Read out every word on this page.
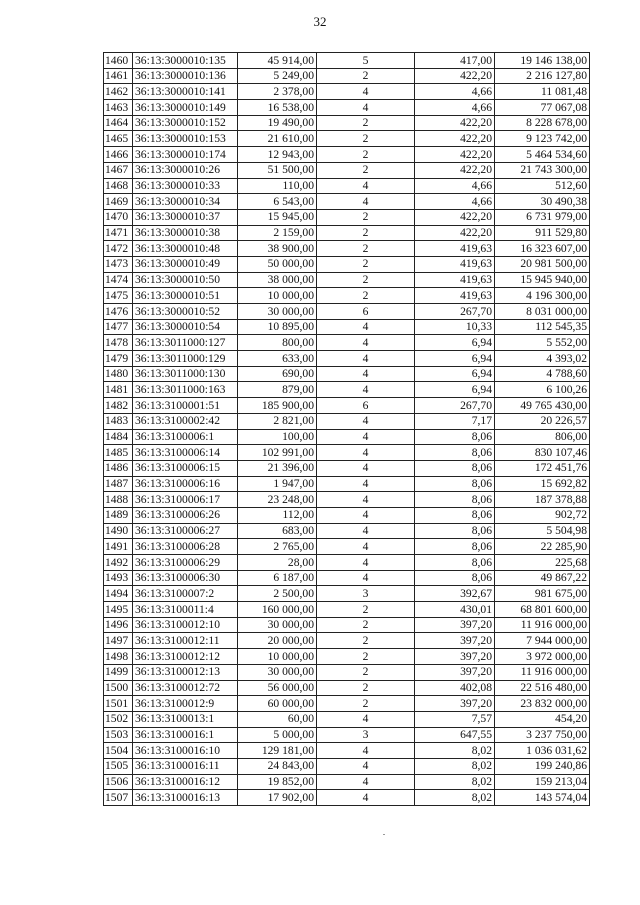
32
1460	36:13:3000010:135	45 914,00	5	417,00	19 146 138,00
1461	36:13:3000010:136	5 249,00	2	422,20	2 216 127,80
1462	36:13:3000010:141	2 378,00	4	4,66	11 081,48
1463	36:13:3000010:149	16 538,00	4	4,66	77 067,08
1464	36:13:3000010:152	19 490,00	2	422,20	8 228 678,00
1465	36:13:3000010:153	21 610,00	2	422,20	9 123 742,00
1466	36:13:3000010:174	12 943,00	2	422,20	5 464 534,60
1467	36:13:3000010:26	51 500,00	2	422,20	21 743 300,00
1468	36:13:3000010:33	110,00	4	4,66	512,60
1469	36:13:3000010:34	6 543,00	4	4,66	30 490,38
1470	36:13:3000010:37	15 945,00	2	422,20	6 731 979,00
1471	36:13:3000010:38	2 159,00	2	422,20	911 529,80
1472	36:13:3000010:48	38 900,00	2	419,63	16 323 607,00
1473	36:13:3000010:49	50 000,00	2	419,63	20 981 500,00
1474	36:13:3000010:50	38 000,00	2	419,63	15 945 940,00
1475	36:13:3000010:51	10 000,00	2	419,63	4 196 300,00
1476	36:13:3000010:52	30 000,00	6	267,70	8 031 000,00
1477	36:13:3000010:54	10 895,00	4	10,33	112 545,35
1478	36:13:3011000:127	800,00	4	6,94	5 552,00
1479	36:13:3011000:129	633,00	4	6,94	4 393,02
1480	36:13:3011000:130	690,00	4	6,94	4 788,60
1481	36:13:3011000:163	879,00	4	6,94	6 100,26
1482	36:13:3100001:51	185 900,00	6	267,70	49 765 430,00
1483	36:13:3100002:42	2 821,00	4	7,17	20 226,57
1484	36:13:3100006:1	100,00	4	8,06	806,00
1485	36:13:3100006:14	102 991,00	4	8,06	830 107,46
1486	36:13:3100006:15	21 396,00	4	8,06	172 451,76
1487	36:13:3100006:16	1 947,00	4	8,06	15 692,82
1488	36:13:3100006:17	23 248,00	4	8,06	187 378,88
1489	36:13:3100006:26	112,00	4	8,06	902,72
1490	36:13:3100006:27	683,00	4	8,06	5 504,98
1491	36:13:3100006:28	2 765,00	4	8,06	22 285,90
1492	36:13:3100006:29	28,00	4	8,06	225,68
1493	36:13:3100006:30	6 187,00	4	8,06	49 867,22
1494	36:13:3100007:2	2 500,00	3	392,67	981 675,00
1495	36:13:3100011:4	160 000,00	2	430,01	68 801 600,00
1496	36:13:3100012:10	30 000,00	2	397,20	11 916 000,00
1497	36:13:3100012:11	20 000,00	2	397,20	7 944 000,00
1498	36:13:3100012:12	10 000,00	2	397,20	3 972 000,00
1499	36:13:3100012:13	30 000,00	2	397,20	11 916 000,00
1500	36:13:3100012:72	56 000,00	2	402,08	22 516 480,00
1501	36:13:3100012:9	60 000,00	2	397,20	23 832 000,00
1502	36:13:3100013:1	60,00	4	7,57	454,20
1503	36:13:3100016:1	5 000,00	3	647,55	3 237 750,00
1504	36:13:3100016:10	129 181,00	4	8,02	1 036 031,62
1505	36:13:3100016:11	24 843,00	4	8,02	199 240,86
1506	36:13:3100016:12	19 852,00	4	8,02	159 213,04
1507	36:13:3100016:13	17 902,00	4	8,02	143 574,04
